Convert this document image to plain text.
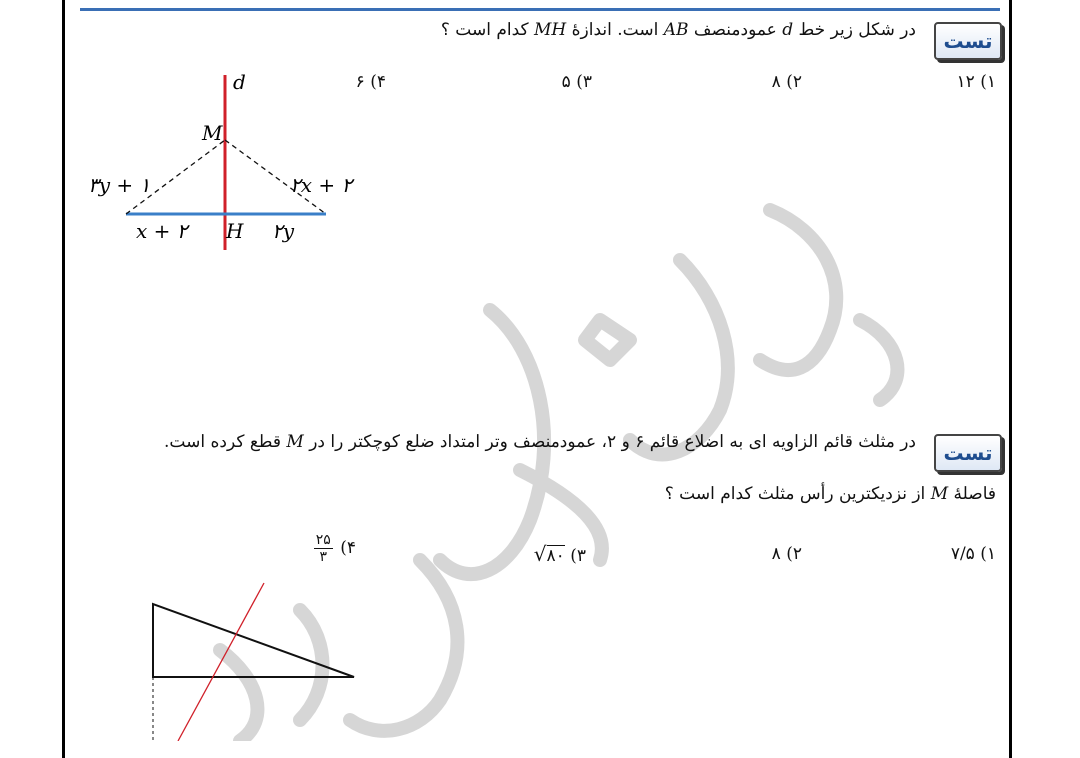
تست
در شکل زیر خط d عمودمنصف AB است. اندازهٔ MH کدام است ؟
۱) ۱۲
۲) ۸
۳) ۵
۴) ۶
d
M
H
۳y + ۱	۲x + ۲
x + ۲	۲y
تست
در مثلث قائم الزاویه ای به اضلاع قائم ۶ و ۲، عمودمنصف وتر امتداد ضلع کوچکتر را در M قطع کرده است.
فاصلهٔ M از نزدیکترین رأس مثلث کدام است ؟
۱) ۷/۵
۲) ۸
۳) √۸۰
۴)
$\frac{۲۵}{۳}$
